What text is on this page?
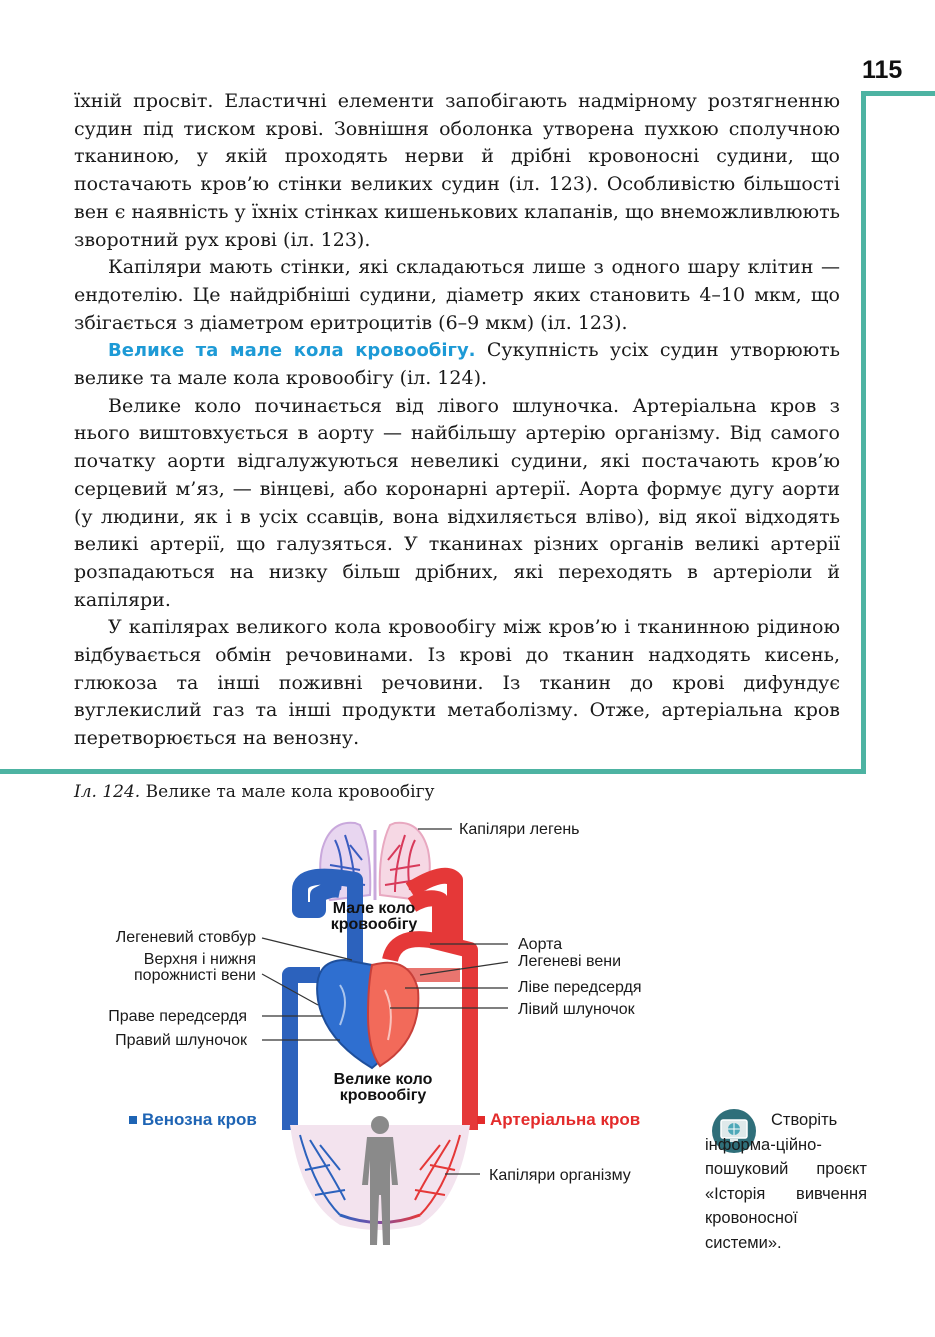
115

їхній просвіт. Еластичні елементи запобігають надмірному розтягненню судин під тиском крові. Зовнішня оболонка утворена пухкою сполучною тканиною, у якій проходять нерви й дрібні кровоносні судини, що постачають кров’ю стінки великих судин (іл. 123). Особливістю більшості вен є наявність у їхніх стінках кишенькових клапанів, що внеможливлюють зворотний рух крові (іл. 123).

Капіляри мають стінки, які складаються лише з одного шару клітин — ендотелію. Це найдрібніші судини, діаметр яких становить 4–10 мкм, що збігається з діаметром еритроцитів (6–9 мкм) (іл. 123).

Велике та мале кола кровообігу. Сукупність усіх судин утворюють велике та мале кола кровообігу (іл. 124).

Велике коло починається від лівого шлуночка. Артеріальна кров з нього виштовхується в аорту — найбільшу артерію організму. Від самого початку аорти відгалужуються невеликі судини, які постачають кров’ю серцевий м’яз, — вінцеві, або коронарні артерії. Аорта формує дугу аорти (у людини, як і в усіх ссавців, вона відхиляється вліво), від якої відходять великі артерії, що галузяться. У тканинах різних органів великі артерії розпадаються на низку більш дрібних, які переходять в артеріоли й капіляри.

У капілярах великого кола кровообігу між кров’ю і тканинною рідиною відбувається обмін речовинами. Із крові до тканин надходять кисень, глюкоза та інші поживні речовини. Із тканин до крові дифундує вуглекислий газ та інші продукти метаболізму. Отже, артеріальна кров перетворюється на венозну.

Іл. 124. Велике та мале кола кровообігу
Мале коло
кровообігу
Велике коло
кровообігу
Капіляри легень
Легеневий стовбур
Верхня і нижня
порожнисті вени
Праве передсердя
Правий шлуночок
Аорта
Легеневі вени
Ліве передсердя
Лівий шлуночок
Капіляри організму
Венозна кров	Артеріальна кров	Створіть інформа-ційно-пошуковий проєкт «Історія вивчення кровоносної системи».
